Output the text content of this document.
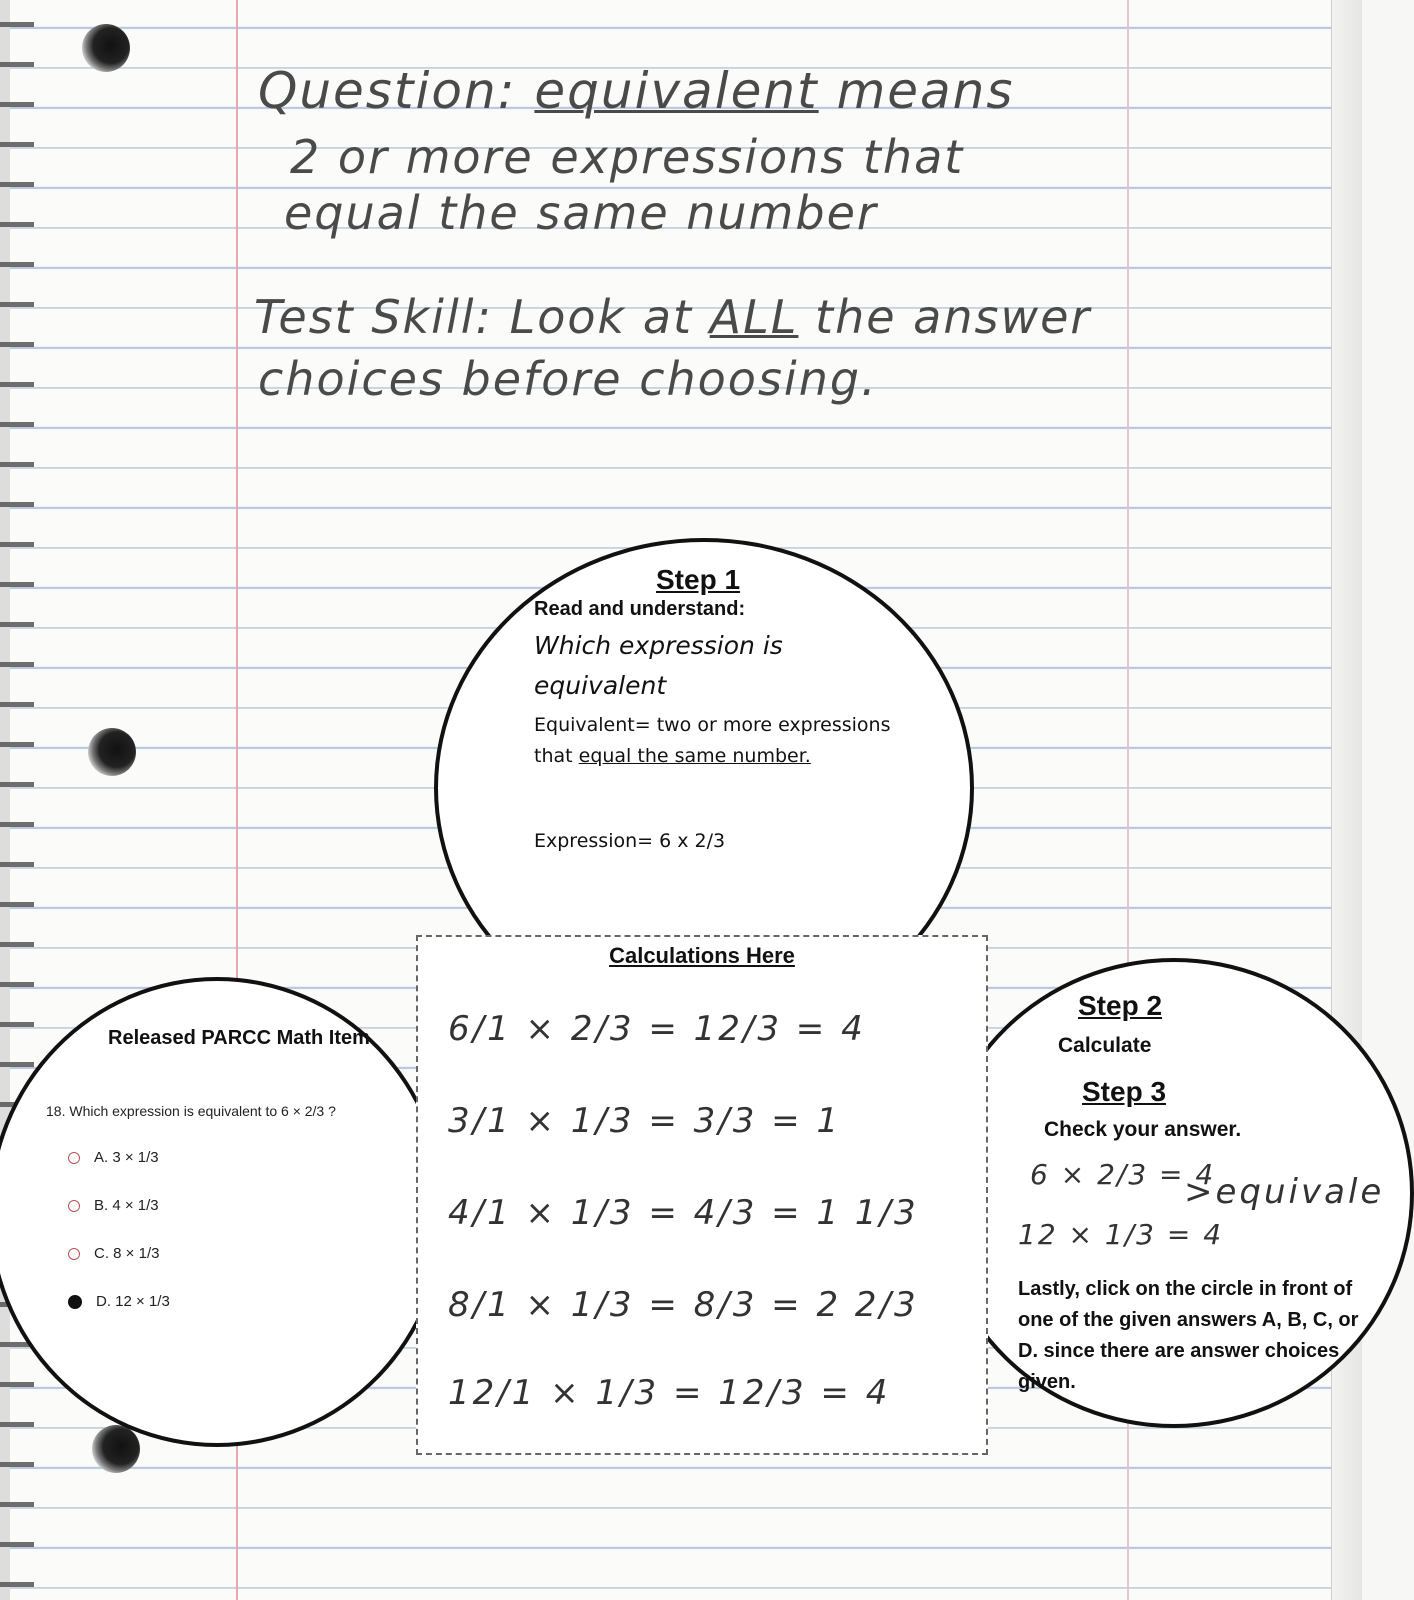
Question: equivalent means
2 or more expressions that
equal the same number
Test Skill: Look at ALL the answer
choices before choosing.
Released PARCC Math Item
18. Which expression is equivalent to 6 × 2/3 ?
A. 3 × 1/3
B. 4 × 1/3
C. 8 × 1/3
D. 12 × 1/3
Step 1
Read and understand:
Which expression is equivalent
Equivalent= two or more expressions that equal the same number.
Expression= 6 x 2/3
Step 2
Calculate
Step 3
Check your answer.
6 × 2/3 = 4
12 × 1/3 = 4
>equivale
Lastly, click on the circle in front of one of the given answers A, B, C, or D. since there are answer choices given.
Calculations Here
6/1 × 2/3 = 12/3 = 4
3/1 × 1/3 = 3/3 = 1
4/1 × 1/3 = 4/3 = 1 1/3
8/1 × 1/3 = 8/3 = 2 2/3
12/1 × 1/3 = 12/3 = 4
